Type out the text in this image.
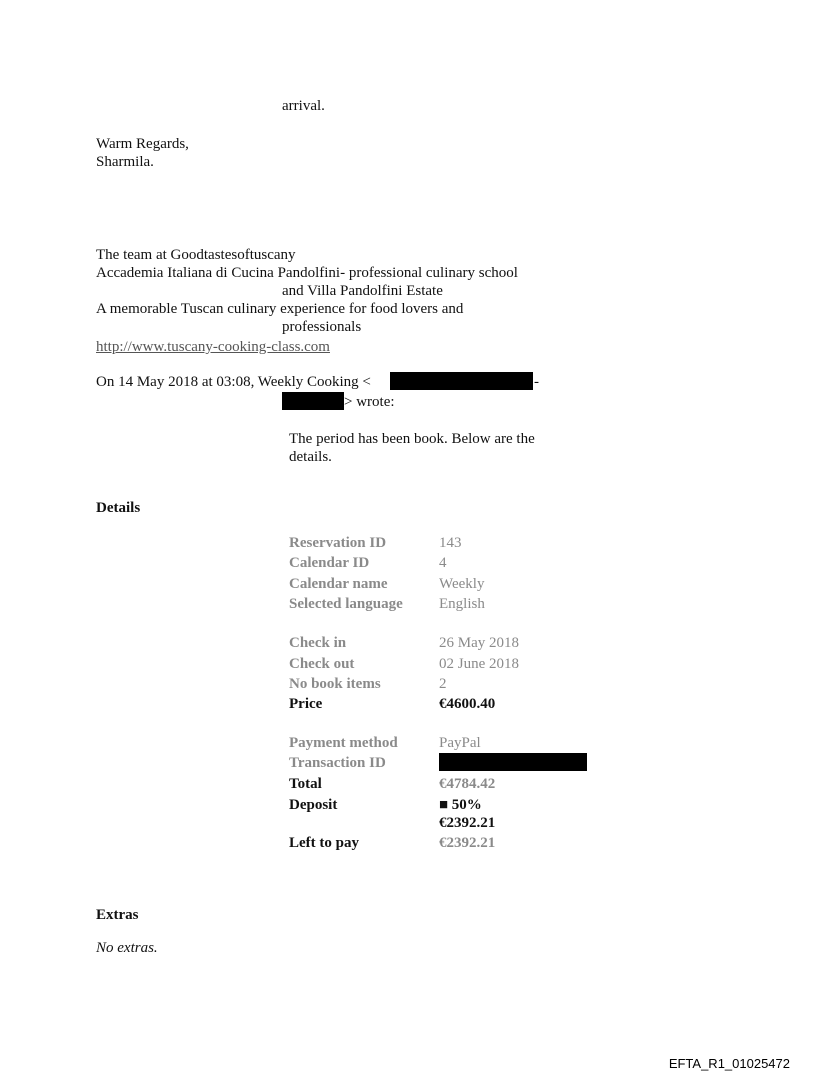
arrival.
Warm Regards,
Sharmila.
The team at Goodtastesoftuscany
Accademia Italiana di Cucina Pandolfini- professional culinary school
and Villa Pandolfini Estate
A memorable Tuscan culinary experience for food lovers and
professionals
http://www.tuscany-cooking-class.com
On 14 May 2018 at 03:08, Weekly Cooking <	-
> wrote:
The period has been book. Below are the
details.
Details
Reservation ID	143
Calendar ID	4
Calendar name	Weekly
Selected language English
Check in	26 May 2018
Check out	02 June 2018
No book items	2
Price	€4600.40
Payment method	PayPal
Transaction ID
Total	€4784.42
Deposit	■ 50%
€2392.21
Left to pay	€2392.21
Extras
No extras.
EFTA_R1_01025472
